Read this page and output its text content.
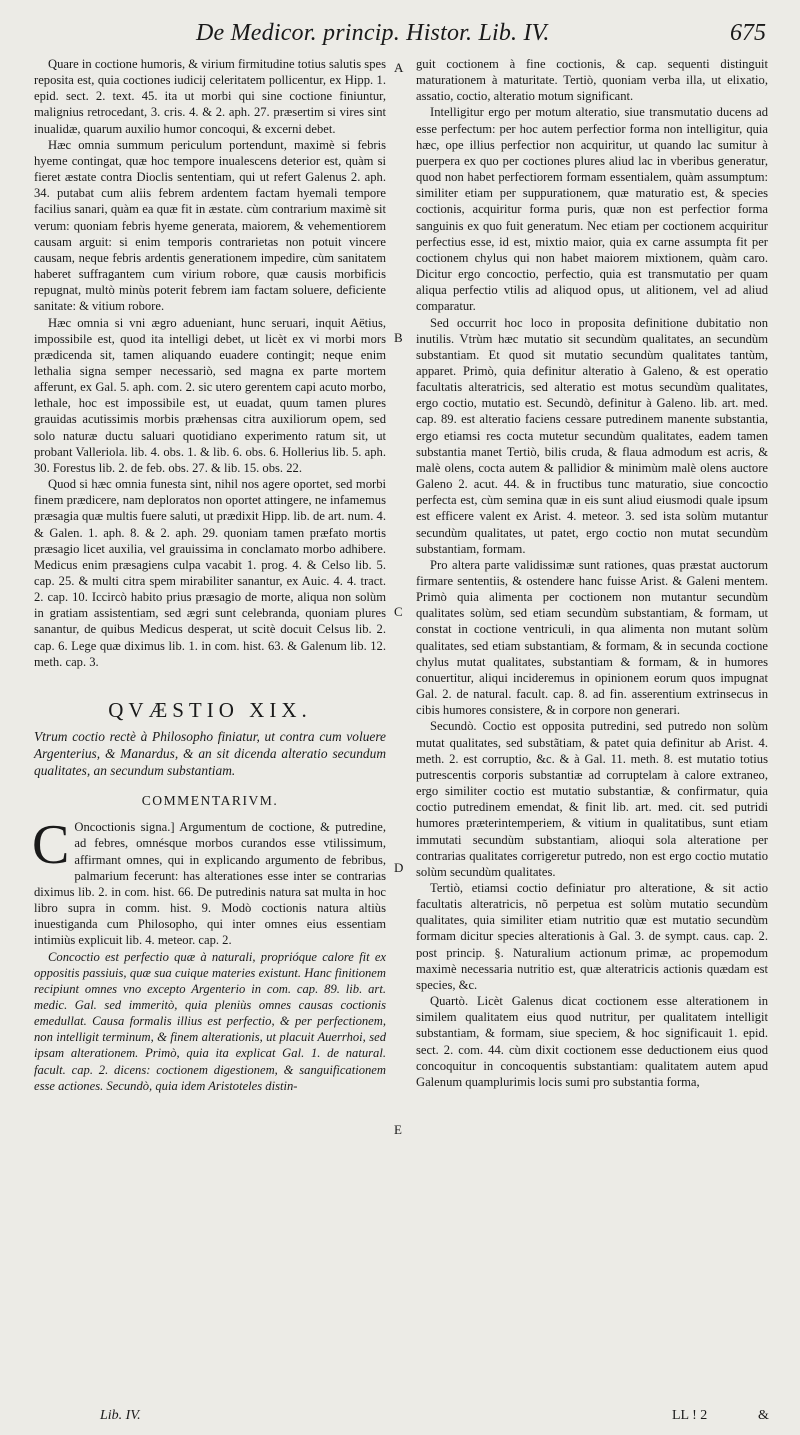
De Medicor. princip. Histor. Lib. IV.	675

Quare in coctione humoris, & virium firmitudine totius salutis spes reposita est, quia coctiones iudicij celeritatem pollicentur, ex Hipp. 1. epid. sect. 2. text. 45. ita ut morbi qui sine coctione finiuntur, malignius retrocedant, 3. cris. 4. & 2. aph. 27. præsertim si vires sint inualidæ, quarum auxilio humor concoqui, & excerni debet.

Hæc omnia summum periculum portendunt, maximè si febris hyeme contingat, quæ hoc tempore inualescens deterior est, quàm si fieret æstate contra Dioclis sententiam, qui ut refert Galenus 2. aph. 34. putabat cum aliis febrem ardentem factam hyemali tempore facilius sanari, quàm ea quæ fit in æstate. cùm contrarium maximè sit verum: quoniam febris hyeme generata, maiorem, & vehementiorem causam arguit: si enim temporis contrarietas non potuit vincere causam, neque febris ardentis generationem impedire, cùm sanitatem haberet suffragantem cum virium robore, quæ causis morbificis repugnat, multò minùs poterit febrem iam factam soluere, deficiente sanitate: & vitium robore.

Hæc omnia si vni ægro adueniant, hunc seruari, inquit Aëtius, impossibile est, quod ita intelligi debet, ut licèt ex vi morbi mors prædicenda sit, tamen aliquando euadere contingit; neque enim lethalia signa semper necessariò, sed magna ex parte mortem afferunt, ex Gal. 5. aph. com. 2. sic utero gerentem capi acuto morbo, lethale, hoc est impossibile est, ut euadat, quum tamen plures grauidas acutissimis morbis præhensas citra auxiliorum opem, sed solo naturæ ductu saluari quotidiano experimento ratum sit, ut probant Valleriola. lib. 4. obs. 1. & lib. 6. obs. 6. Hollerius lib. 5. aph. 30. Forestus lib. 2. de feb. obs. 27. & lib. 15. obs. 22.

Quod si hæc omnia funesta sint, nihil nos agere oportet, sed morbi finem prædicere, nam deploratos non oportet attingere, ne infamemus præsagia quæ multis fuere saluti, ut prædixit Hipp. lib. de art. num. 4. & Galen. 1. aph. 8. & 2. aph. 29. quoniam tamen præfato mortis præsagio licet auxilia, vel grauissima in conclamato morbo adhibere. Medicus enim præsagiens culpa vacabit 1. prog. 4. & Celso lib. 5. cap. 25. & multi citra spem mirabiliter sanantur, ex Auic. 4. 4. tract. 2. cap. 10. Iccircò habito prius præsagio de morte, aliqua non solùm in gratiam assistentiam, sed ægri sunt celebranda, quoniam plures sanantur, de quibus Medicus desperat, ut scitè docuit Celsus lib. 2. cap. 6. Lege quæ diximus lib. 1. in com. hist. 63. & Galenum lib. 12. meth. cap. 3.

QVÆSTIO XIX.

Vtrum coctio rectè à Philosopho finiatur, ut contra cum voluere Argenterius, & Manardus, & an sit dicenda alteratio secundum qualitates, an secundum substantiam.

COMMENTARIVM.

C Oncoctionis signa.] Argumentum de coctione, & putredine, ad febres, omnésque morbos curandos esse vtilissimum, affirmant omnes, qui in explicando argumento de febribus, palmarium fecerunt: has alterationes esse inter se contrarias diximus lib. 2. in com. hist. 66. De putredinis natura sat multa in hoc libro supra in comm. hist. 9. Modò coctionis natura altiùs inuestiganda cum Philosopho, qui inter omnes eius essentiam intimiùs explicuit lib. 4. meteor. cap. 2.

Concoctio est perfectio quæ à naturali, proprióque calore fit ex oppositis passiuis, quæ sua cuique materies existunt. Hanc finitionem recipiunt omnes vno excepto Argenterio in com. cap. 89. lib. art. medic. Gal. sed immeritò, quia pleniùs omnes causas coctionis emedullat. Causa formalis illius est perfectio, & per perfectionem, non intelligit terminum, & finem alterationis, ut placuit Auerrhoi, sed ipsam alterationem. Primò, quia ita explicat Gal. 1. de natural. facult. cap. 2. dicens: coctionem digestionem, & sanguificationem esse actiones. Secundò, quia idem Aristoteles distin-

A
B
C
D
E

guit coctionem à fine coctionis, & cap. sequenti distinguit maturationem à maturitate. Tertiò, quoniam verba illa, ut elixatio, assatio, coctio, alteratio motum significant.

Intelligitur ergo per motum alteratio, siue transmutatio ducens ad esse perfectum: per hoc autem perfectior forma non intelligitur, quia hæc, ope illius perfectior non acquiritur, ut quando lac sumitur à puerpera ex quo per coctiones plures aliud lac in vberibus generatur, quod non habet perfectiorem formam essentialem, quàm assumptum: similiter etiam per suppurationem, quæ maturatio est, & species coctionis, acquiritur forma puris, quæ non est perfectior forma sanguinis ex quo fuit generatum. Nec etiam per coctionem acquiritur perfectius esse, id est, mixtio maior, quia ex carne assumpta fit per coctionem chylus qui non habet maiorem mixtionem, quàm caro. Dicitur ergo concoctio, perfectio, quia est transmutatio per quam aliqua perfectio vtilis ad aliquod opus, ut alitionem, vel ad aliud comparatur.

Sed occurrit hoc loco in proposita definitione dubitatio non inutilis. Vtrùm hæc mutatio sit secundùm qualitates, an secundùm substantiam. Et quod sit mutatio secundùm qualitates tantùm, apparet. Primò, quia definitur alteratio à Galeno, & est operatio facultatis alteratricis, sed alteratio est motus secundùm qualitates, ergo coctio, mutatio est. Secundò, definitur à Galeno. lib. art. med. cap. 89. est alteratio faciens cessare putredinem manente substantia, ergo etiamsi res cocta mutetur secundùm qualitates, eadem tamen substantia manet Tertiò, bilis cruda, & flaua admodum est acris, & malè olens, cocta autem & pallidior & minimùm malè olens auctore Galeno 2. acut. 44. & in fructibus tunc maturatio, siue concoctio perfecta est, cùm semina quæ in eis sunt aliud eiusmodi quale ipsum est efficere valent ex Arist. 4. meteor. 3. sed ista solùm mutantur secundùm qualitates, ut patet, ergo coctio non mutat secundùm substantiam, formam.

Pro altera parte validissimæ sunt rationes, quas præstat auctorum firmare sententiis, & ostendere hanc fuisse Arist. & Galeni mentem. Primò quia alimenta per coctionem non mutantur secundùm qualitates solùm, sed etiam secundùm substantiam, & formam, ut constat in coctione ventriculi, in qua alimenta non mutant solùm qualitates, sed etiam substantiam, & formam, & in secunda coctione chylus mutat qualitates, substantiam & formam, & in humores conuertitur, aliqui incideremus in opinionem eorum quos impugnat Gal. 2. de natural. facult. cap. 8. ad fin. asserentium extrinsecus in cibis humores consistere, & in corpore non generari.

Secundò. Coctio est opposita putredini, sed putredo non solùm mutat qualitates, sed substãtiam, & patet quia definitur ab Arist. 4. meth. 2. est corruptio, &c. & à Gal. 11. meth. 8. est mutatio totius putrescentis corporis substantiæ ad corruptelam à calore extraneo, ergo similiter coctio est mutatio substantiæ, & confirmatur, quia coctio putredinem emendat, & finit lib. art. med. cit. sed putridi humores præterintemperiem, & vitium in qualitatibus, sunt etiam immutati secundùm substantiam, alioqui sola alteratione per contrarias qualitates corrigeretur putredo, non est ergo coctio mutatio solùm secundùm qualitates.

Tertiò, etiamsi coctio definiatur pro alteratione, & sit actio facultatis alteratricis, nõ perpetua est solùm mutatio secundùm qualitates, quia similiter etiam nutritio quæ est mutatio secundùm formam dicitur species alterationis à Gal. 3. de sympt. caus. cap. 2. post princip. §. Naturalium actionum primæ, ac propemodum maximè necessaria nutritio est, quæ alteratricis actionis quædam est species, &c.

Quartò. Licèt Galenus dicat coctionem esse alterationem in similem qualitatem eius quod nutritur, per qualitatem intelligit substantiam, & formam, siue speciem, & hoc significauit 1. epid. sect. 2. com. 44. cùm dixit coctionem esse deductionem eius quod concoquitur in concoquentis substantiam: qualitatem autem apud Galenum quamplurimis locis sumi pro substantia forma,

Lib. IV.	LL ! 2	&
